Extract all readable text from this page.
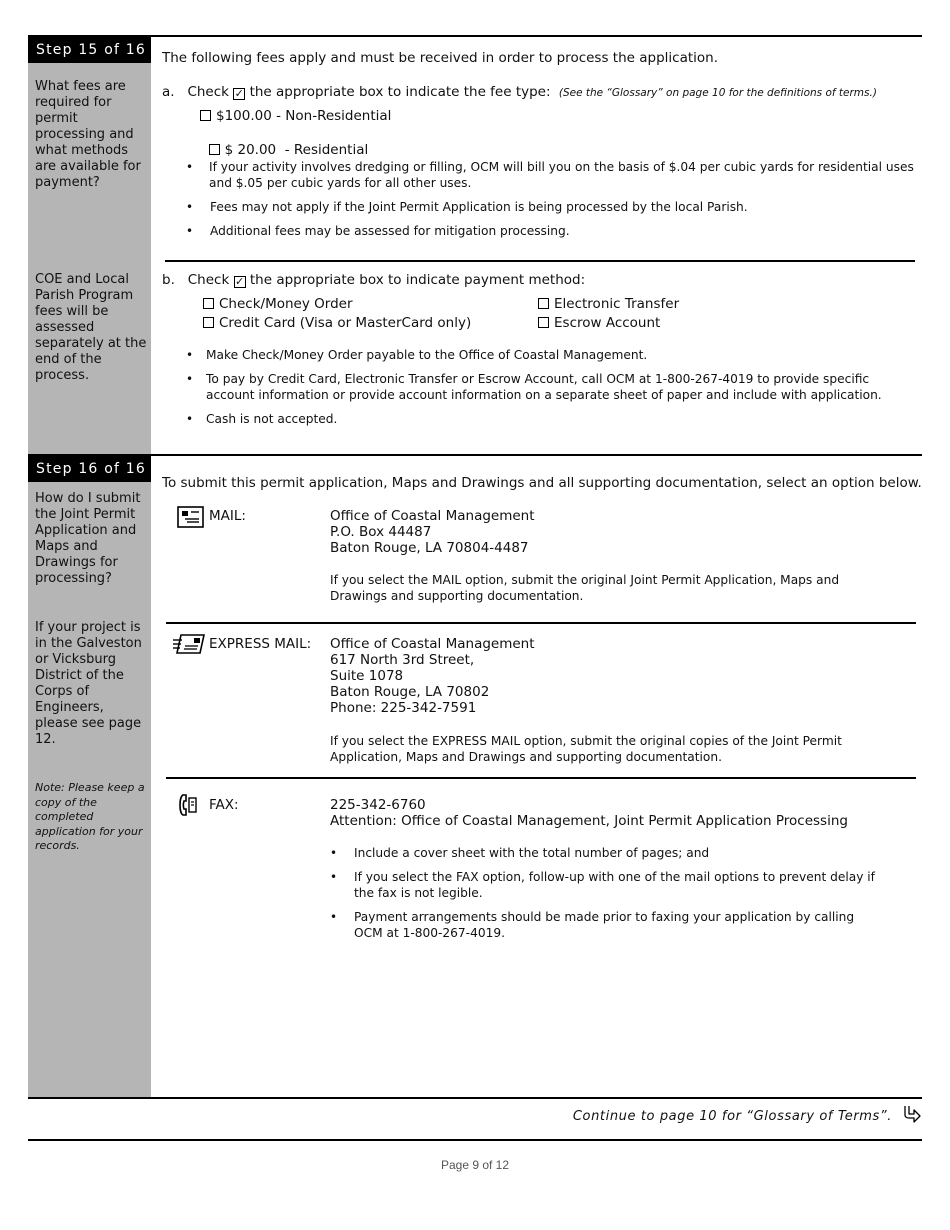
Step 15 of 16
What fees are required for permit processing and what methods are available for payment?
COE and Local Parish Program fees will be assessed separately at the end of the process.
The following fees apply and must be received in order to process the application.
a. Check ✓ the appropriate box to indicate the fee type: (See the “Glossary” on page 10 for the definitions of terms.)
$100.00 - Non-Residential

$ 20.00  - Residential

• If your activity involves dredging or filling, OCM will bill you on the basis of $.04 per cubic yards for residential uses and $.05 per cubic yards for all other uses.
• Fees may not apply if the Joint Permit Application is being processed by the local Parish.
• Additional fees may be assessed for mitigation processing.
b. Check ✓ the appropriate box to indicate payment method:
Check/Money Order
Credit Card (Visa or MasterCard only)
Electronic Transfer
Escrow Account
• Make Check/Money Order payable to the Office of Coastal Management.
• To pay by Credit Card, Electronic Transfer or Escrow Account, call OCM at 1-800-267-4019 to provide specific account information or provide account information on a separate sheet of paper and include with application.
• Cash is not accepted.
Step 16 of 16
How do I submit the Joint Permit Application and Maps and Drawings for processing?
If your project is in the Galveston or Vicksburg District of the Corps of Engineers, please see page 12.
Note: Please keep a copy of the completed application for your records.
To submit this permit application, Maps and Drawings and all supporting documentation, select an option below.
MAIL:	Office of Coastal Management
P.O. Box 44487
Baton Rouge, LA 70804-4487
If you select the MAIL option, submit the original Joint Permit Application, Maps and Drawings and supporting documentation.
EXPRESS MAIL: Office of Coastal Management
617 North 3rd Street,
Suite 1078
Baton Rouge, LA 70802
Phone: 225-342-7591
If you select the EXPRESS MAIL option, submit the original copies of the Joint Permit Application, Maps and Drawings and supporting documentation.
FAX:	225-342-6760
Attention: Office of Coastal Management, Joint Permit Application Processing
• Include a cover sheet with the total number of pages; and
• If you select the FAX option, follow-up with one of the mail options to prevent delay if the fax is not legible.
• Payment arrangements should be made prior to faxing your application by calling OCM at 1-800-267-4019.
Continue to page 10 for “Glossary of Terms”.
Page 9 of 12
